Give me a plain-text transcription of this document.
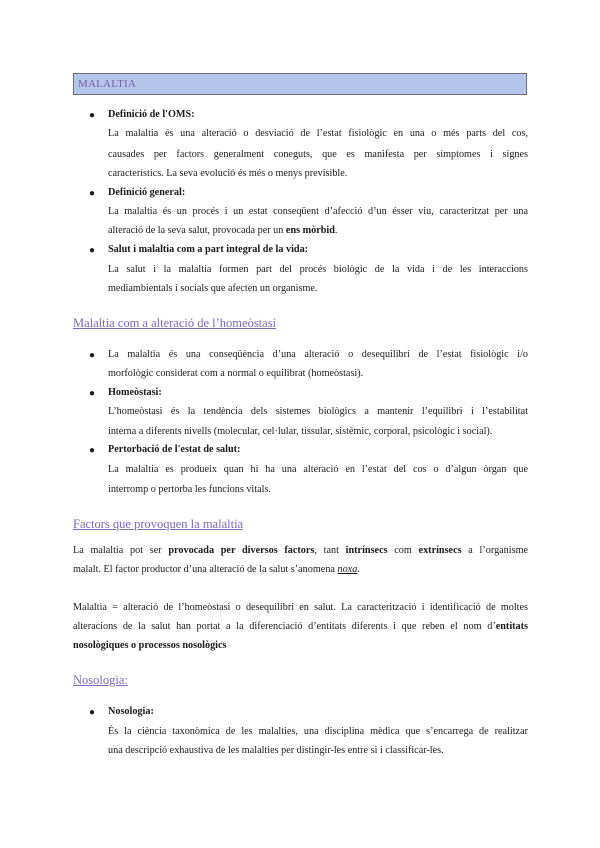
MALALTIA
● Definició de l'OMS:
La malaltia és una alteració o desviació de l’estat fisiològic en una o més parts del cos,
causades per factors generalment coneguts, que es manifesta per símptomes i signes
característics. La seva evolució és més o menys previsible.
● Definició general:
La malaltia és un procés i un estat conseqüent d’afecció d’un ésser viu, caracteritzat per una
alteració de la seva salut, provocada per un ens mòrbid.
● Salut i malaltia com a part integral de la vida:
La salut i la malaltia formen part del procés biològic de la vida i de les interaccions
mediambientals i socials que afecten un organisme.
Malaltia com a alteració de l’homeòstasi
● La malaltia és una conseqüència d’una alteració o desequilibri de l’estat fisiològic i/o
morfològic considerat com a normal o equilibrat (homeòstasi).
● Homeòstasi:
L’homeòstasi és la tendència dels sistemes biològics a mantenir l’equilibri i l’estabilitat
interna a diferents nivells (molecular, cel·lular, tissular, sistèmic, corporal, psicològic i social).
● Pertorbació de l'estat de salut:
La malaltia es produeix quan hi ha una alteració en l’estat del cos o d’algun òrgan que
interromp o pertorba les funcions vitals.
Factors que provoquen la malaltia
La malaltia pot ser provocada per diversos factors, tant intrínsecs com extrínsecs a l’organisme
malalt. El factor productor d’una alteració de la salut s’anomena noxa.
Malaltia = alteració de l’homeòstasi o desequilibri en salut. La caracterització i identificació de moltes
alteracions de la salut han portat a la diferenciació d’entitats diferents i que reben el nom d’entitats
nosològiques o processos nosològics
Nosologia:
● Nosologia:
És la ciència taxonòmica de les malalties, una disciplina mèdica que s’encarrega de realitzar
una descripció exhaustiva de les malalties per distingir-les entre si i classificar-les.
